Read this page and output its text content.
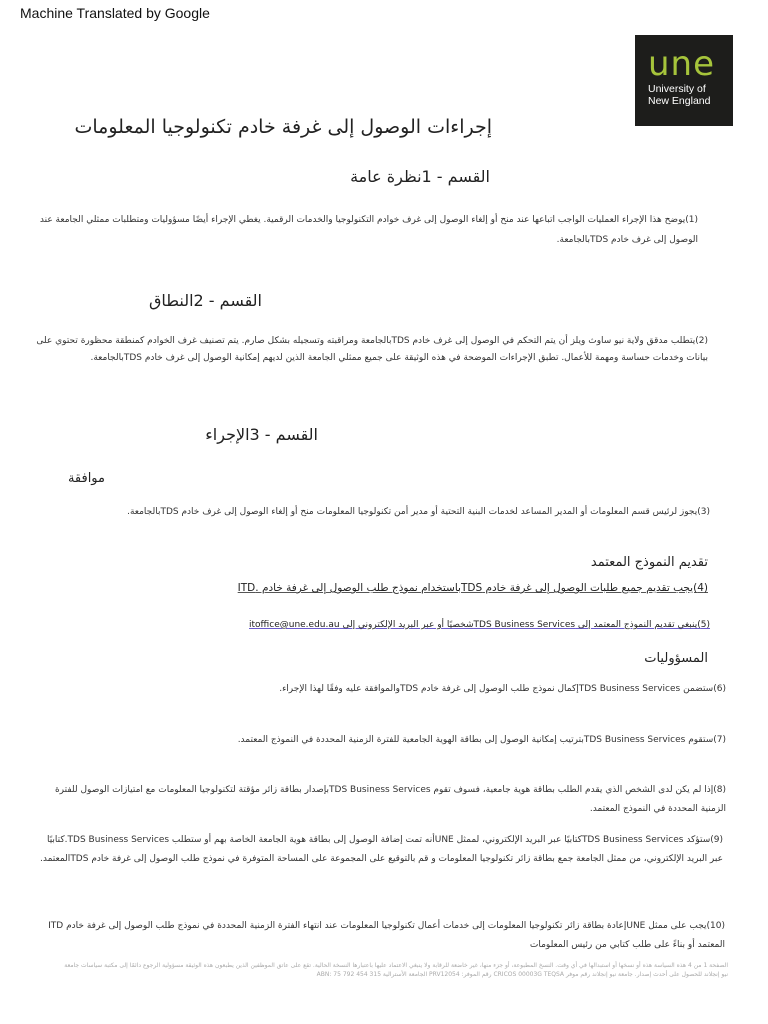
Machine Translated by Google
une
University of
New England
إجراءات الوصول إلى غرفة خادم تكنولوجيا المعلومات
القسم - 1نظرة عامة
(1)يوضح هذا الإجراء العمليات الواجب اتباعها عند منح أو إلغاء الوصول إلى غرف خوادم التكنولوجيا والخدمات الرقمية. يغطي الإجراء أيضًا مسؤوليات ومتطلبات ممثلي الجامعة عند
الوصول إلى غرف خادم TDSبالجامعة.
القسم - 2النطاق
(2)يتطلب مدقق ولاية نيو ساوث ويلز أن يتم التحكم في الوصول إلى غرف خادم TDSبالجامعة ومراقبته وتسجيله بشكل صارم. يتم تصنيف غرف الخوادم كمنطقة محظورة تحتوي على
بيانات وخدمات حساسة ومهمة للأعمال. تطبق الإجراءات الموضحة في هذه الوثيقة على جميع ممثلي الجامعة الذين لديهم إمكانية الوصول إلى غرف خادم TDSبالجامعة.
القسم - 3الإجراء
موافقة
(3)يجوز لرئيس قسم المعلومات أو المدير المساعد لخدمات البنية التحتية أو مدير أمن تكنولوجيا المعلومات منح أو إلغاء الوصول إلى غرف خادم TDSبالجامعة.
تقديم النموذج المعتمد
(4)يجب تقديم جميع طلبات الوصول إلى غرفة خادم TDSباستخدام نموذج طلب الوصول إلى غرفة خادم .ITD
(5)ينبغي تقديم النموذج المعتمد إلى TDS Business Servicesشخصيًا أو عبر البريد الإلكتروني إلى itoffice@une.edu.au
المسؤوليات
(6)ستضمن TDS Business Servicesإكمال نموذج طلب الوصول إلى غرفة خادم TDSوالموافقة عليه وفقًا لهذا الإجراء.
(7)ستقوم TDS Business Servicesبترتيب إمكانية الوصول إلى بطاقة الهوية الجامعية للفترة الزمنية المحددة في النموذج المعتمد.
(8)إذا لم يكن لدى الشخص الذي يقدم الطلب بطاقة هوية جامعية، فسوف تقوم TDS Business Servicesبإصدار بطاقة زائر مؤقتة لتكنولوجيا المعلومات مع امتيازات الوصول للفترة
الزمنية المحددة في النموذج المعتمد.
(9)ستؤكد TDS Business Servicesكتابيًا عبر البريد الإلكتروني، لممثل UNEأنه تمت إضافة الوصول إلى بطاقة هوية الجامعة الخاصة بهم أو ستطلب TDS Business Services.كتابيًا
عبر البريد الإلكتروني، من ممثل الجامعة جمع بطاقة زائر تكنولوجيا المعلومات و قم بالتوقيع على المجموعة على المساحة المتوفرة في نموذج طلب الوصول إلى غرفة خادم TDSالمعتمد.
(10)يجب على ممثل UNEإعادة بطاقة زائر تكنولوجيا المعلومات إلى خدمات أعمال تكنولوجيا المعلومات عند انتهاء الفترة الزمنية المحددة في نموذج طلب الوصول إلى غرفة خادم ITD
المعتمد أو بناءً على طلب كتابي من رئيس المعلومات
الصفحة 1 من 4 هذه السياسة هذه أو نسخها أو استبدالها في أي وقت. النسخ المطبوعة، أو جزء منها، غير خاضعة للرقابة ولا ينبغي الاعتماد عليها باعتبارها النسخة الحالية. تقع على عاتق الموظفين الذين يطبعون هذه الوثيقة مسؤولية الرجوع دائمًا إلى مكتبة سياسات جامعة
نيو إنجلاند للحصول على أحدث إصدار. جامعة نيو إنجلاند رقم موفر CRICOS 00003G TEQSA رقم الموفر: PRV12054 الجامعة الأسترالية ABN: 75 792 454 315
